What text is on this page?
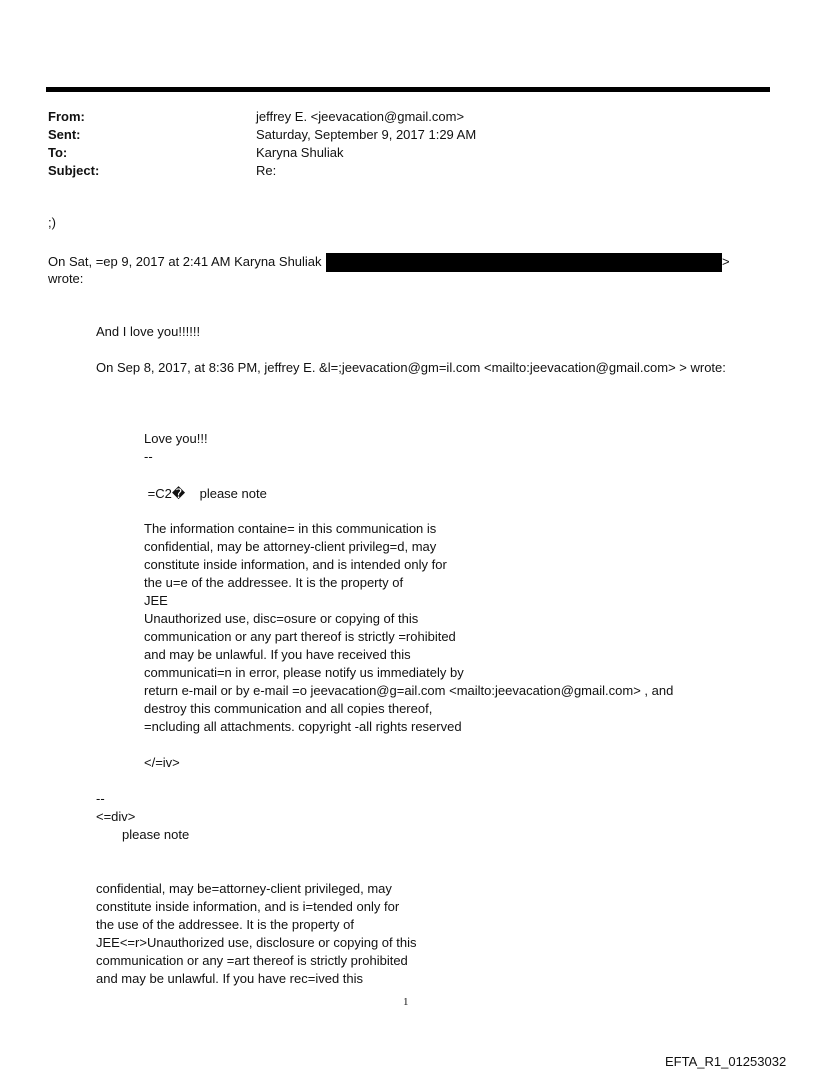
From:	jeffrey E. <jeevacation@gmail.com>
Sent:	Saturday, September 9, 2017 1:29 AM
To:	Karyna Shuliak
Subject:	Re:
;)
On Sat, =ep 9, 2017 at 2:41 AM Karyna Shuliak	>
wrote:
And I love you!!!!!!
On Sep 8, 2017, at 8:36 PM, jeffrey E. &l=;jeevacation@gm=il.com <mailto:jeevacation@gmail.com> > wrote:
Love you!!!
--
=C2�    please note
The information containe= in this communication is
confidential, may be attorney-client privileg=d, may
constitute inside information, and is intended only for
the u=e of the addressee. It is the property of
JEE
Unauthorized use, disc=osure or copying of this
communication or any part thereof is strictly =rohibited
and may be unlawful. If you have received this
communicati=n in error, please notify us immediately by
return e-mail or by e-mail =o jeevacation@g=ail.com <mailto:jeevacation@gmail.com> , and
destroy this communication and all copies thereof,
=ncluding all attachments. copyright -all rights reserved
</=iv>
--
<=div>
please note
confidential, may be=attorney-client privileged, may
constitute inside information, and is i=tended only for
the use of the addressee. It is the property of
JEE<=r>Unauthorized use, disclosure or copying of this
communication or any =art thereof is strictly prohibited
and may be unlawful. If you have rec=ived this
1
EFTA_R1_01253032
